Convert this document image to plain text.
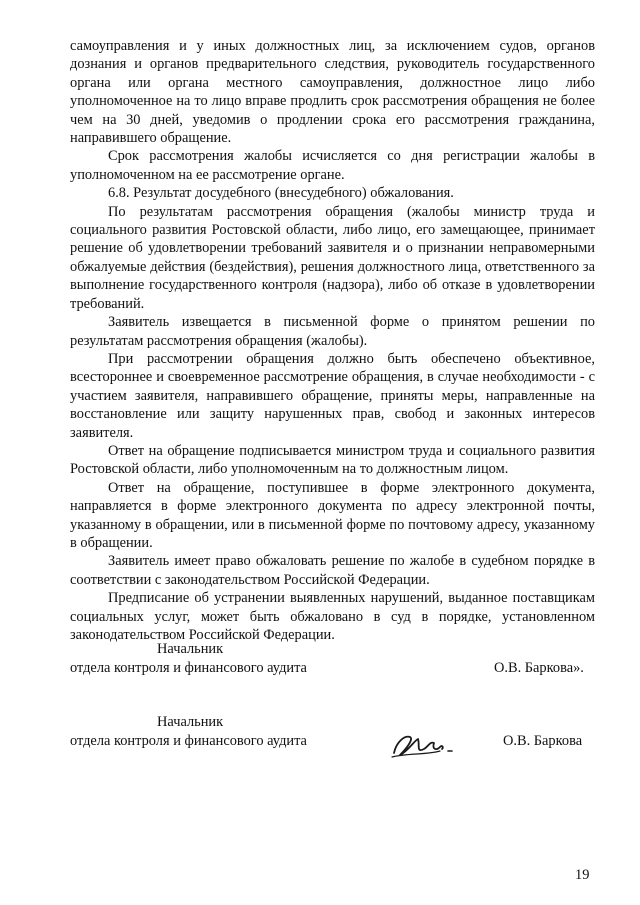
самоуправления и у иных должностных лиц, за исключением судов, органов дознания и органов предварительного следствия, руководитель государственного органа или органа местного самоуправления, должностное лицо либо уполномоченное на то лицо вправе продлить срок рассмотрения обращения не более чем на 30 дней, уведомив о продлении срока его рассмотрения гражданина, направившего обращение.

Срок рассмотрения жалобы исчисляется со дня регистрации жалобы в уполномоченном на ее рассмотрение органе.

6.8. Результат досудебного (внесудебного) обжалования.

По результатам рассмотрения обращения (жалобы министр труда и социального развития Ростовской области, либо лицо, его замещающее, принимает решение об удовлетворении требований заявителя и о признании неправомерными обжалуемые действия (бездействия), решения должностного лица, ответственного за выполнение государственного контроля (надзора), либо об отказе в удовлетворении требований.

Заявитель извещается в письменной форме о принятом решении по результатам рассмотрения обращения (жалобы).

При рассмотрении обращения должно быть обеспечено объективное, всестороннее и своевременное рассмотрение обращения, в случае необходимости - с участием заявителя, направившего обращение, приняты меры, направленные на восстановление или защиту нарушенных прав, свобод и законных интересов заявителя.

Ответ на обращение подписывается министром труда и социального развития Ростовской области, либо уполномоченным на то должностным лицом.

Ответ на обращение, поступившее в форме электронного документа, направляется в форме электронного документа по адресу электронной почты, указанному в обращении, или в письменной форме по почтовому адресу, указанному в обращении.

Заявитель имеет право обжаловать решение по жалобе в судебном порядке в соответствии с законодательством Российской Федерации.

Предписание об устранении выявленных нарушений, выданное поставщикам социальных услуг, может быть обжаловано в суд в порядке, установленном законодательством Российской Федерации.

Начальник
отдела контроля и финансового аудита	О.В. Баркова».
Начальник
отдела контроля и финансового аудита	О.В. Баркова
19
